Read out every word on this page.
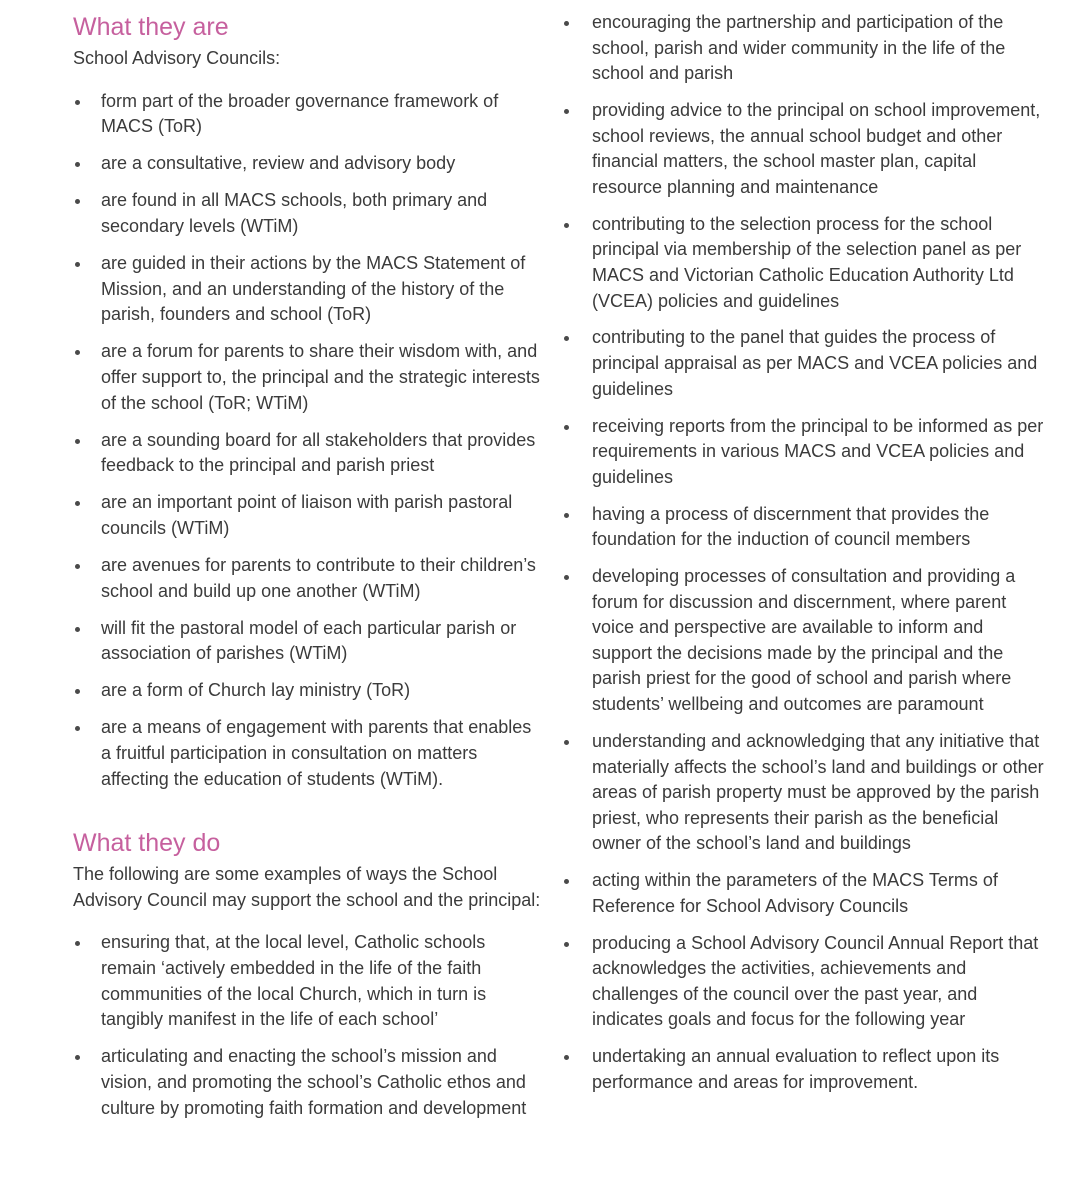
What they are

School Advisory Councils:

form part of the broader governance framework of MACS (ToR)
are a consultative, review and advisory body
are found in all MACS schools, both primary and secondary levels (WTiM)
are guided in their actions by the MACS Statement of Mission, and an understanding of the history of the parish, founders and school (ToR)
are a forum for parents to share their wisdom with, and offer support to, the principal and the strategic interests of the school (ToR; WTiM)
are a sounding board for all stakeholders that provides feedback to the principal and parish priest
are an important point of liaison with parish pastoral councils (WTiM)
are avenues for parents to contribute to their children’s school and build up one another (WTiM)
will fit the pastoral model of each particular parish or association of parishes (WTiM)
are a form of Church lay ministry (ToR)
are a means of engagement with parents that enables a fruitful participation in consultation on matters affecting the education of students (WTiM).
What they do

The following are some examples of ways the School Advisory Council may support the school and the principal:

ensuring that, at the local level, Catholic schools remain ‘actively embedded in the life of the faith communities of the local Church, which in turn is tangibly manifest in the life of each school’
articulating and enacting the school’s mission and vision, and promoting the school’s Catholic ethos and culture by promoting faith formation and development
encouraging the partnership and participation of the school, parish and wider community in the life of the school and parish
providing advice to the principal on school improvement, school reviews, the annual school budget and other financial matters, the school master plan, capital resource planning and maintenance
contributing to the selection process for the school principal via membership of the selection panel as per MACS and Victorian Catholic Education Authority Ltd (VCEA) policies and guidelines
contributing to the panel that guides the process of principal appraisal as per MACS and VCEA policies and guidelines
receiving reports from the principal to be informed as per requirements in various MACS and VCEA policies and guidelines
having a process of discernment that provides the foundation for the induction of council members
developing processes of consultation and providing a forum for discussion and discernment, where parent voice and perspective are available to inform and support the decisions made by the principal and the parish priest for the good of school and parish where students’ wellbeing and outcomes are paramount
understanding and acknowledging that any initiative that materially affects the school’s land and buildings or other areas of parish property must be approved by the parish priest, who represents their parish as the beneficial owner of the school’s land and buildings
acting within the parameters of the MACS Terms of Reference for School Advisory Councils
producing a School Advisory Council Annual Report that acknowledges the activities, achievements and challenges of the council over the past year, and indicates goals and focus for the following year
undertaking an annual evaluation to reflect upon its performance and areas for improvement.
